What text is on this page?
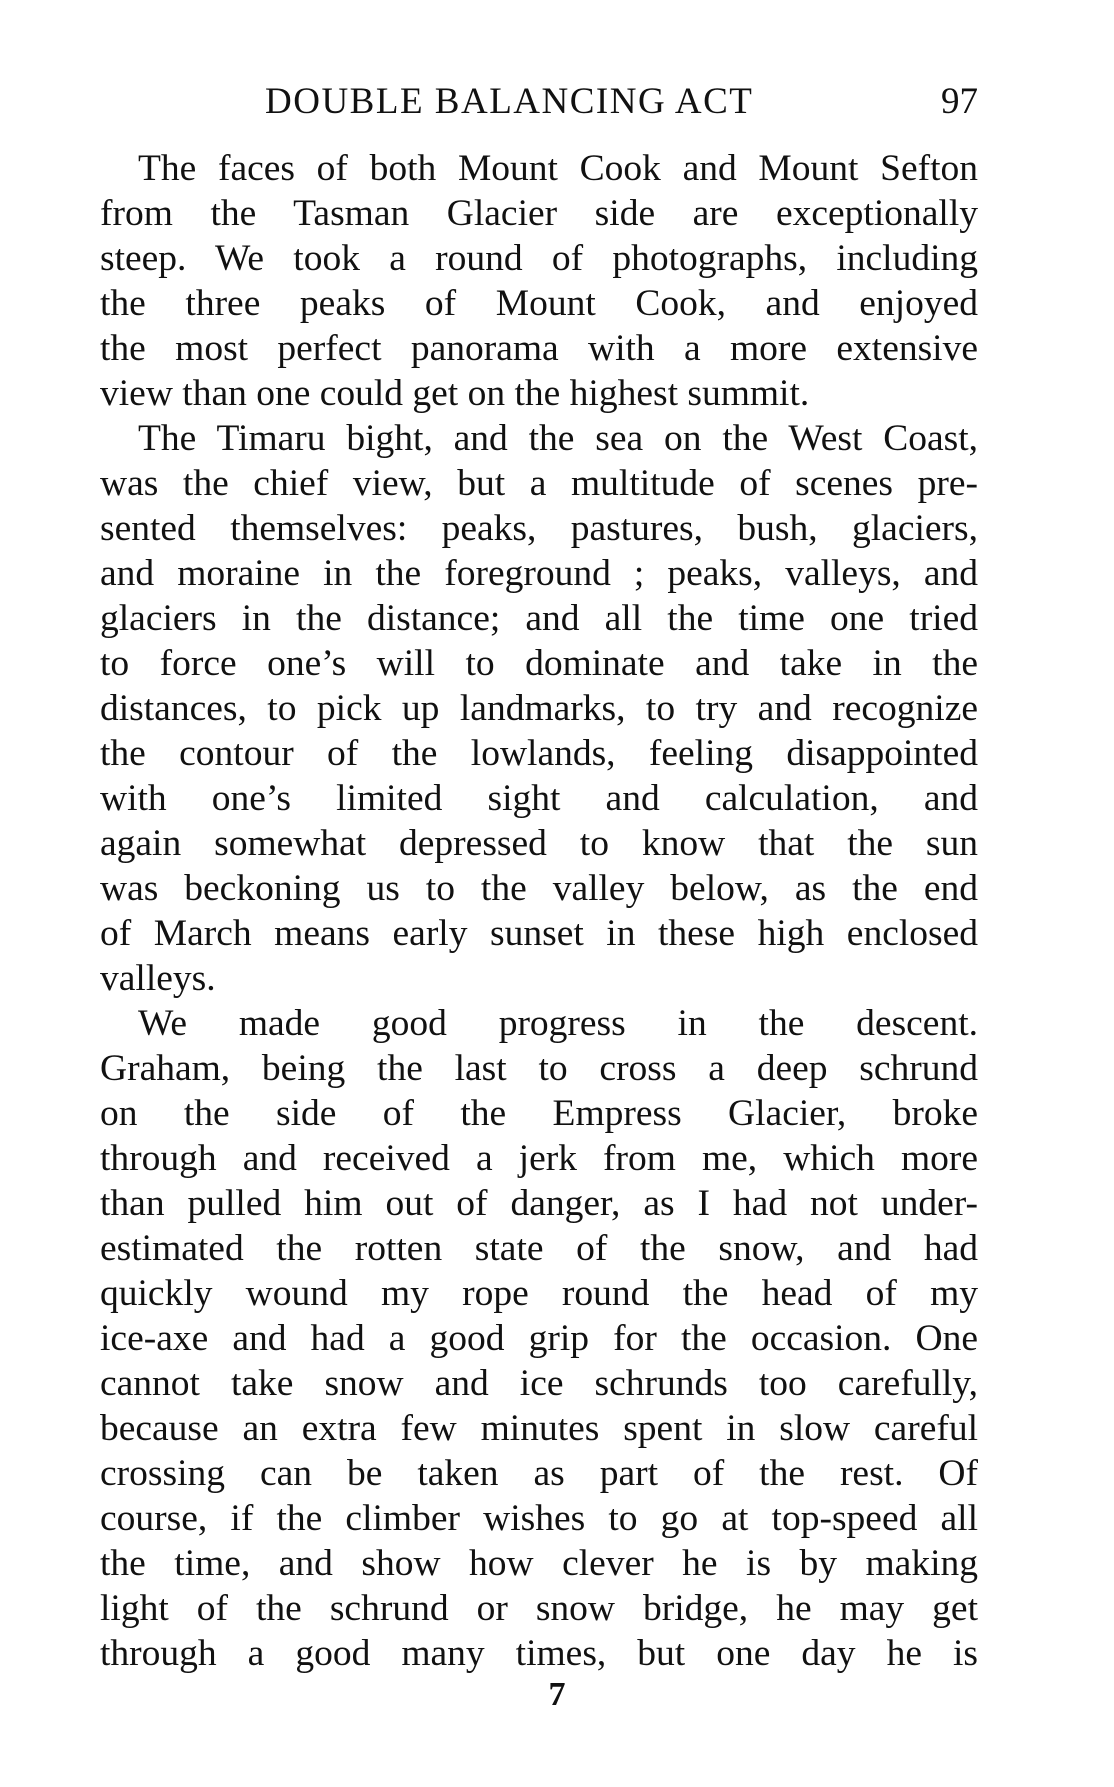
DOUBLE BALANCING ACT	97
The faces of both Mount Cook and Mount Sefton
from the Tasman Glacier side are exceptionally
steep. We took a round of photographs, including
the three peaks of Mount Cook, and enjoyed
the most perfect panorama with a more extensive
view than one could get on the highest summit.
The Timaru bight, and the sea on the West Coast,
was the chief view, but a multitude of scenes pre-
sented themselves: peaks, pastures, bush, glaciers,
and moraine in the foreground ; peaks, valleys, and
glaciers in the distance; and all the time one tried
to force one’s will to dominate and take in the
distances, to pick up landmarks, to try and recognize
the contour of the lowlands, feeling disappointed
with one’s limited sight and calculation, and
again somewhat depressed to know that the sun
was beckoning us to the valley below, as the end
of March means early sunset in these high enclosed
valleys.
We made good progress in the descent.
Graham, being the last to cross a deep schrund
on the side of the Empress Glacier, broke
through and received a jerk from me, which more
than pulled him out of danger, as I had not under-
estimated the rotten state of the snow, and had
quickly wound my rope round the head of my
ice-axe and had a good grip for the occasion. One
cannot take snow and ice schrunds too carefully,
because an extra few minutes spent in slow careful
crossing can be taken as part of the rest. Of
course, if the climber wishes to go at top-speed all
the time, and show how clever he is by making
light of the schrund or snow bridge, he may get
through a good many times, but one day he is
7
